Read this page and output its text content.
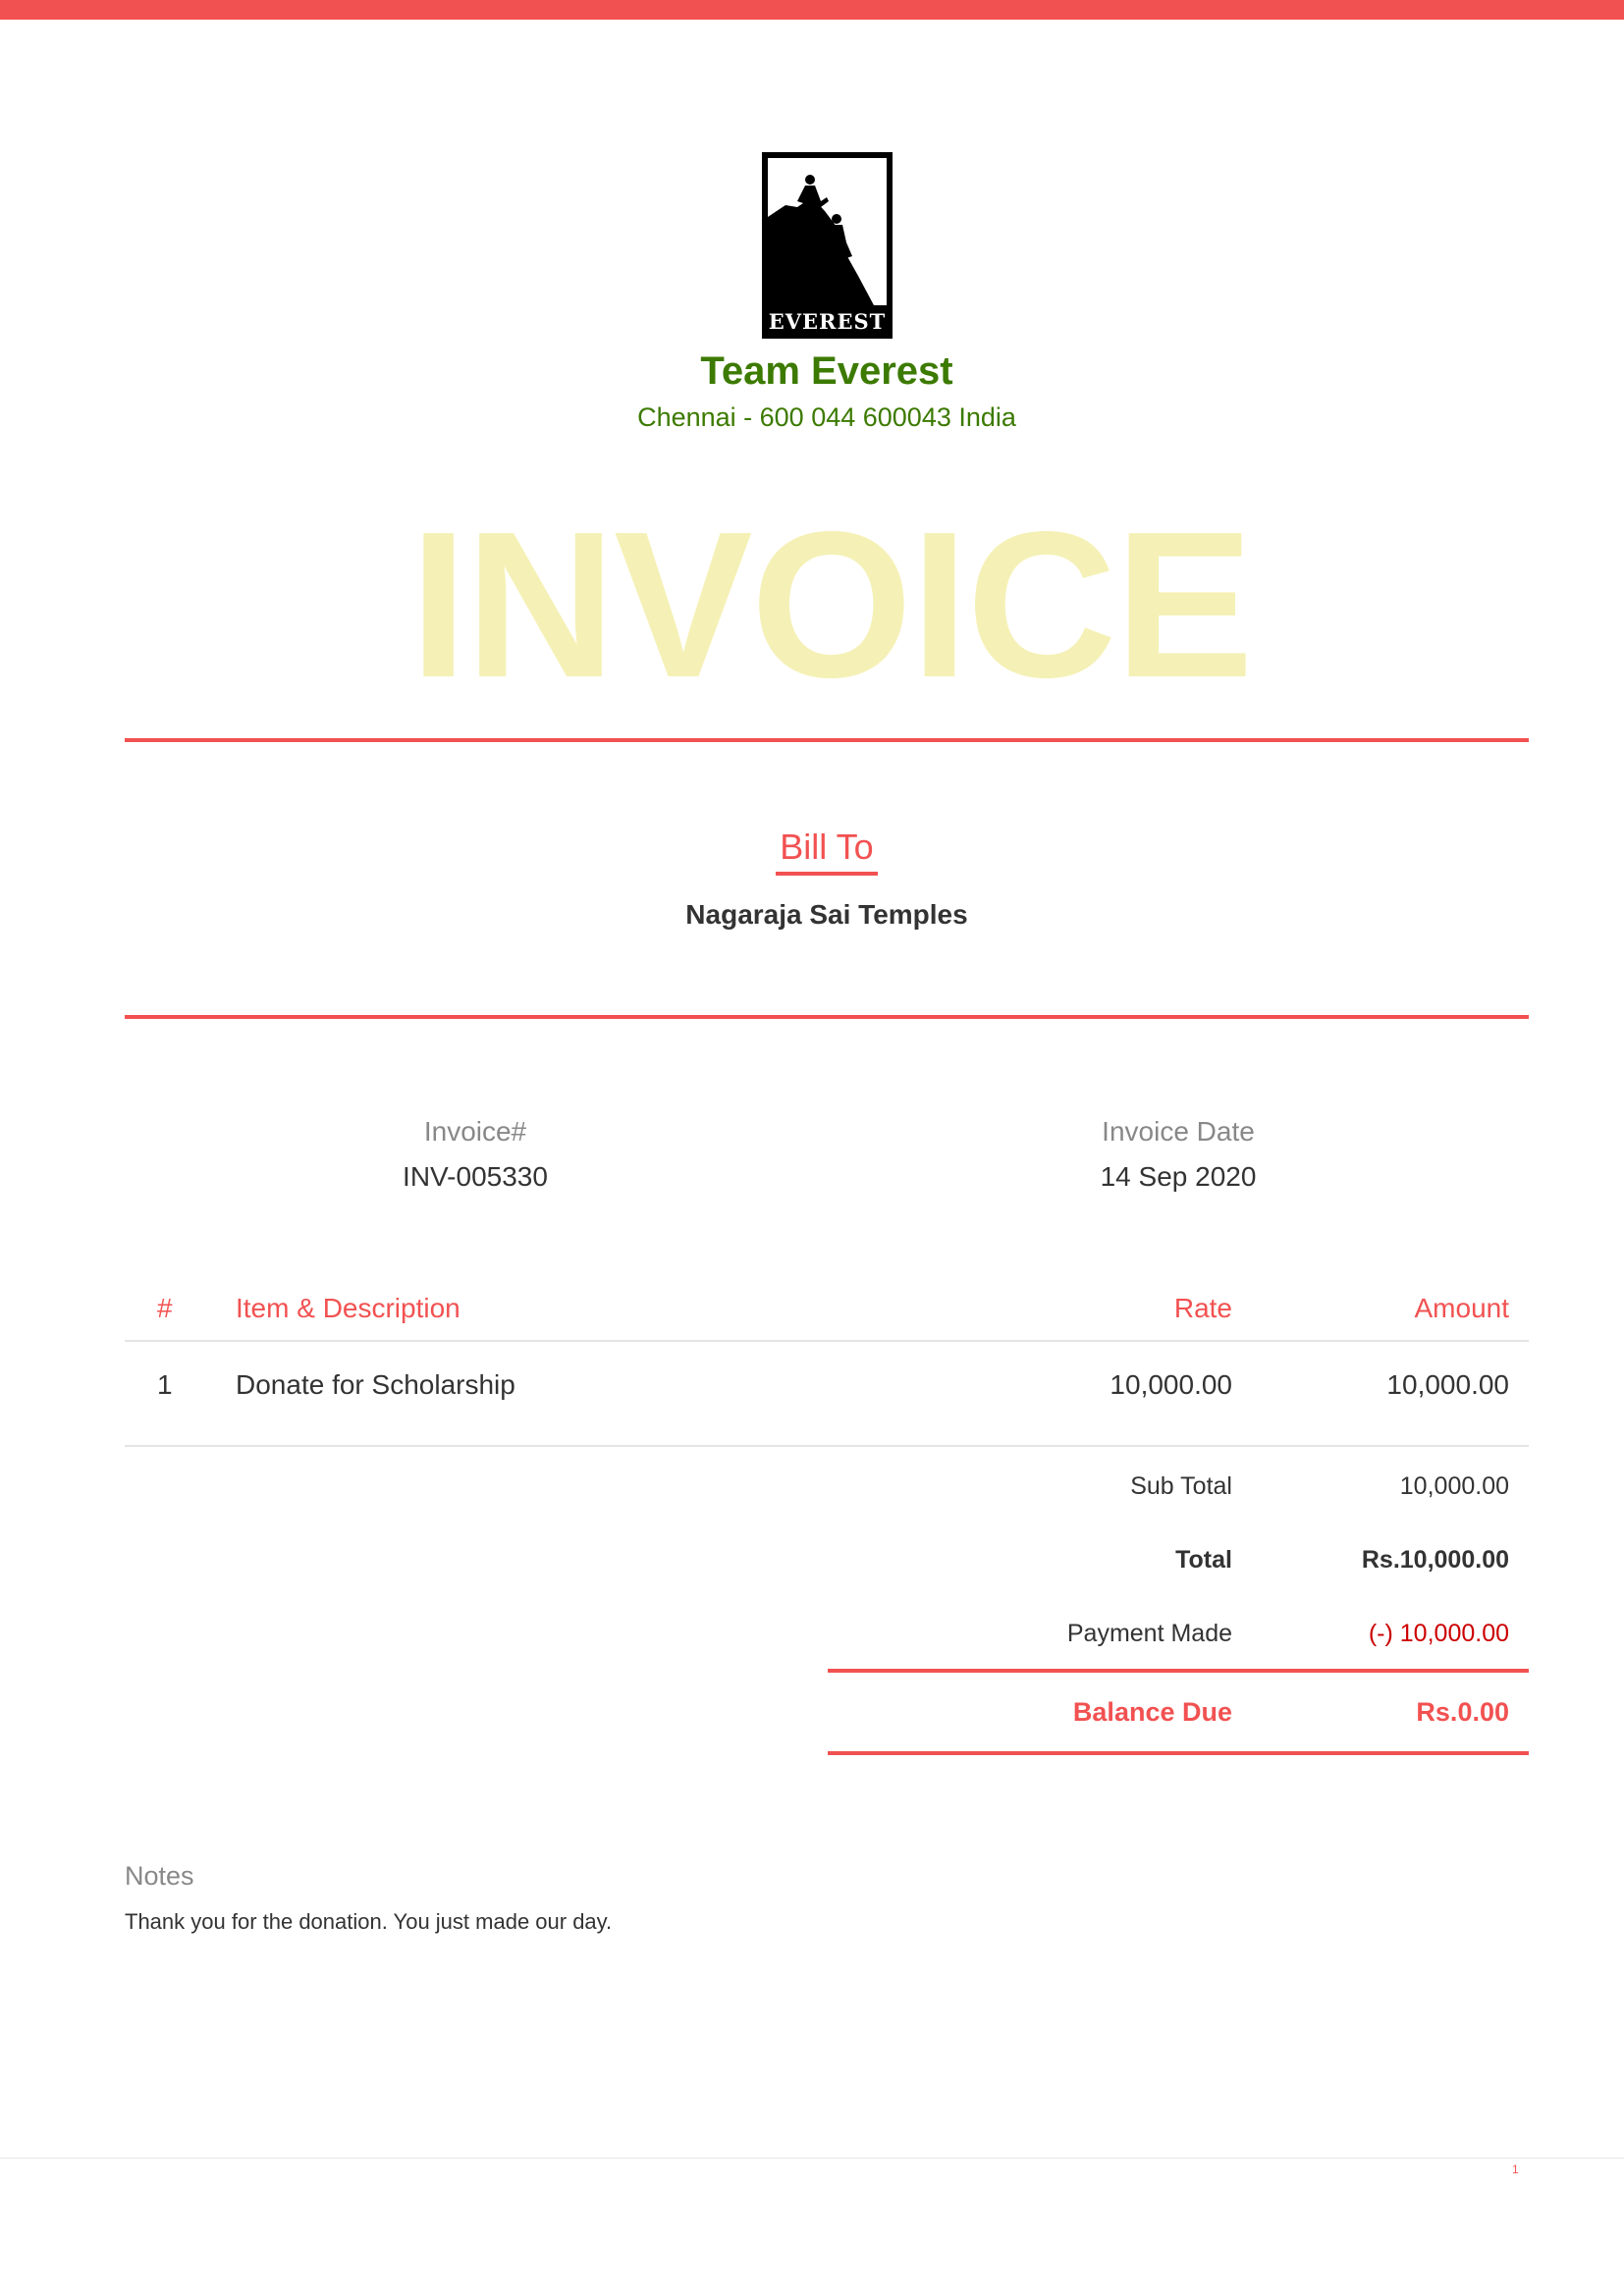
EVEREST
Team Everest
Chennai - 600 044 600043 India
INVOICE
Bill To
Nagaraja Sai Temples
Invoice#
INV-005330
Invoice Date
14 Sep 2020
# Item & Description	Rate	Amount
1 Donate for Scholarship	10,000.00	10,000.00
Sub Total	10,000.00
Total	Rs.10,000.00
Payment Made	(-) 10,000.00
Balance Due	Rs.0.00
Notes
Thank you for the donation. You just made our day.
1
